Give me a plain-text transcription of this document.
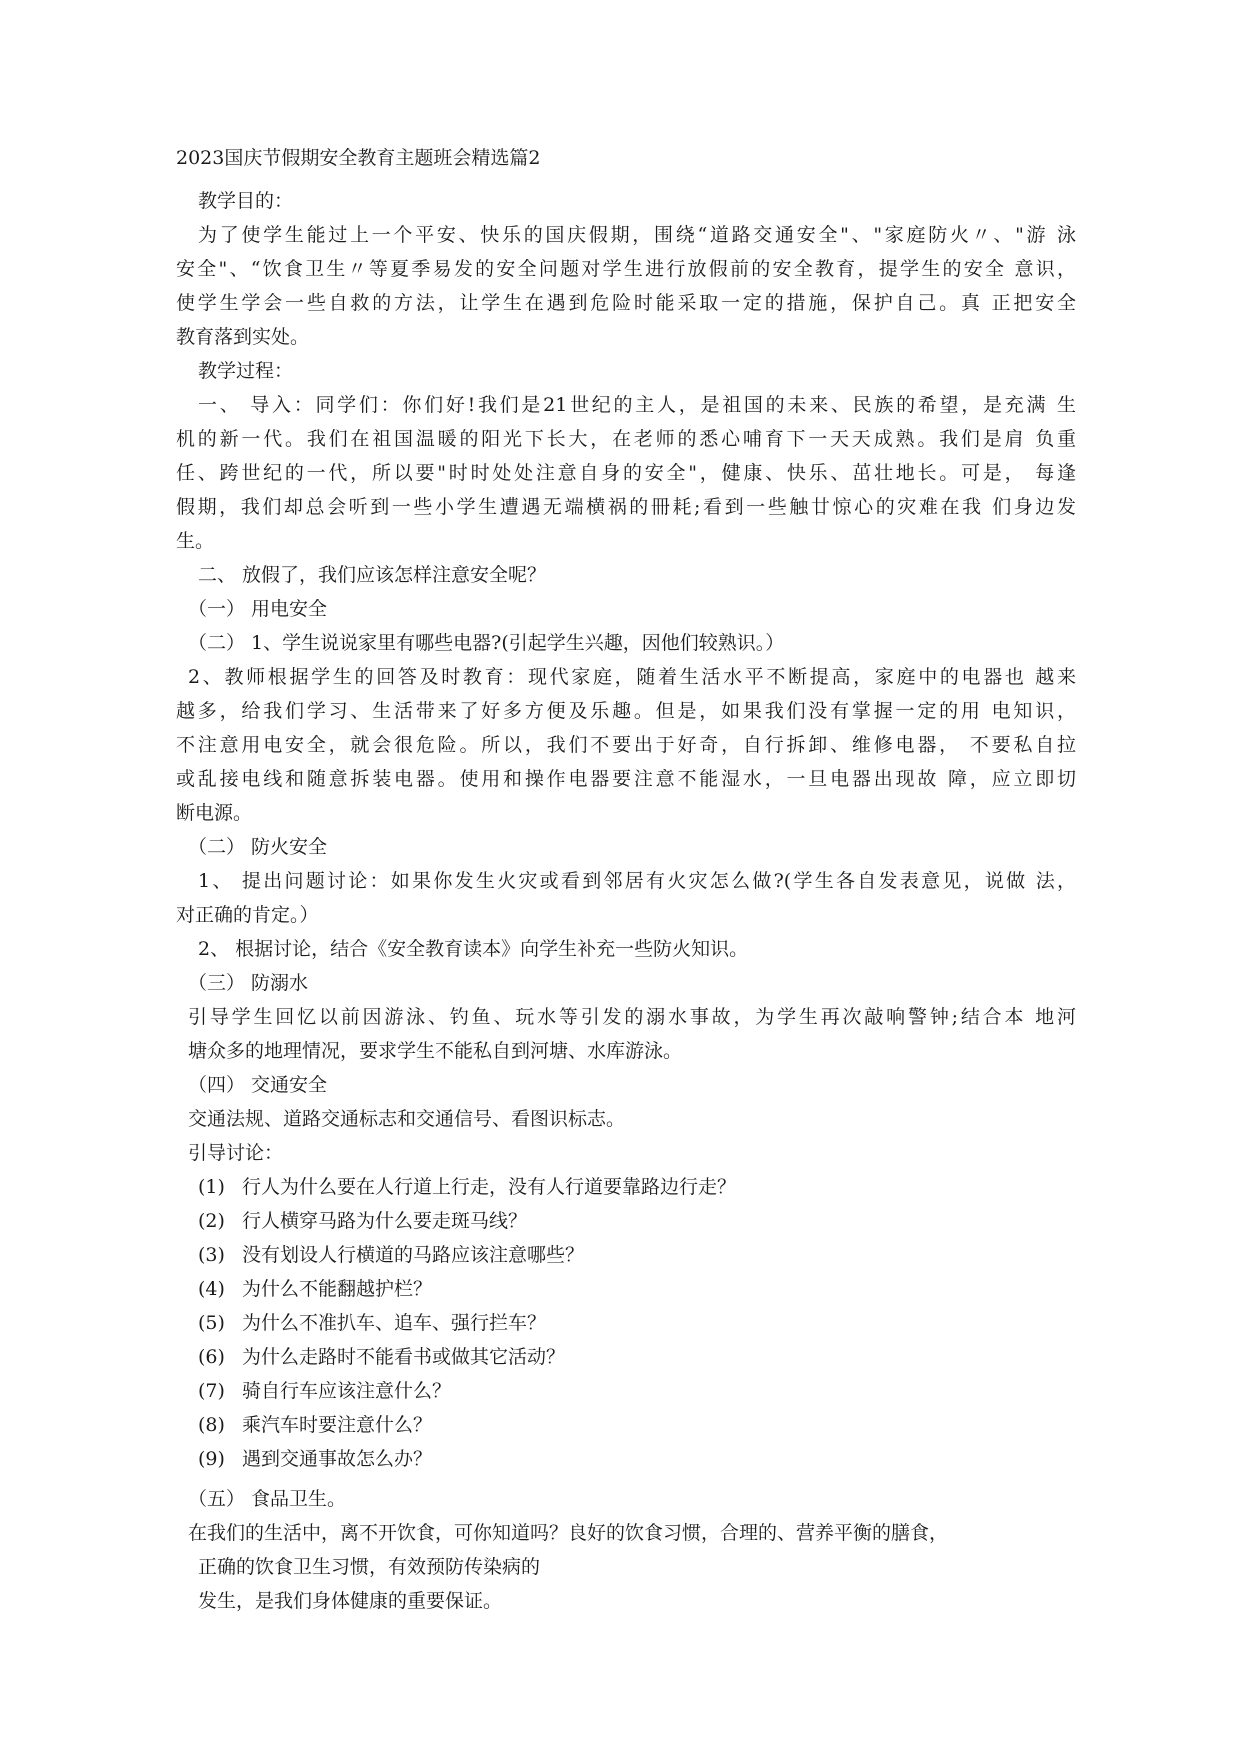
2023国庆节假期安全教育主题班会精选篇2
教学目的：
为了使学生能过上一个平安、快乐的国庆假期，围绕“道路交通安全"、"家庭防火〃、"游 泳
安全"、“饮食卫生〃等夏季易发的安全问题对学生进行放假前的安全教育，提学生的安全 意识，
使学生学会一些自救的方法，让学生在遇到危险时能采取一定的措施，保护自己。真 正把安全
教育落到实处。
教学过程：
一、 导入：同学们：你们好!我们是21世纪的主人，是祖国的未来、民族的希望，是充满 生
机的新一代。我们在祖国温暖的阳光下长大，在老师的悉心哺育下一天天成熟。我们是肩 负重
任、跨世纪的一代，所以要"时时处处注意自身的安全"，健康、快乐、茁壮地长。可是， 每逢
假期，我们却总会听到一些小学生遭遇无端横祸的冊耗;看到一些触廿惊心的灾难在我 们身边发
生。
二、 放假了，我们应该怎样注意安全呢？
（一） 用电安全
（二） 1、学生说说家里有哪些电器?(引起学生兴趣，因他们较熟识。）
2、教师根据学生的回答及时教育：现代家庭，随着生活水平不断提高，家庭中的电器也 越来
越多，给我们学习、生活带来了好多方便及乐趣。但是，如果我们没有掌握一定的用 电知识，
不注意用电安全，就会很危险。所以，我们不要出于好奇，自行拆卸、维修电器， 不要私自拉
或乱接电线和随意拆装电器。使用和操作电器要注意不能湿水，一旦电器出现故 障，应立即切
断电源。
（二） 防火安全
1、 提出问题讨论：如果你发生火灾或看到邻居有火灾怎么做?(学生各自发表意见，说做 法，
对正确的肯定。）
2、 根据讨论，结合《安全教育读本》向学生补充一些防火知识。
（三） 防溺水
引导学生回忆以前因游泳、钓鱼、玩水等引发的溺水事故，为学生再次敲响警钟;结合本 地河
塘众多的地理情况，要求学生不能私自到河塘、水库游泳。
（四） 交通安全
交通法规、道路交通标志和交通信号、看图识标志。
引导讨论：
(1) 行人为什么要在人行道上行走，没有人行道要靠路边行走？
(2) 行人横穿马路为什么要走斑马线？
(3) 没有划设人行横道的马路应该注意哪些？
(4) 为什么不能翻越护栏？
(5) 为什么不准扒车、追车、强行拦车？
(6) 为什么走路时不能看书或做其它活动？
(7) 骑自行车应该注意什么？
(8) 乘汽车时要注意什么？
(9) 遇到交通事故怎么办？
（五） 食品卫生。
在我们的生活中，离不开饮食，可你知道吗？良好的饮食习惯，合理的、营养平衡的膳食，
正确的饮食卫生习惯，有效预防传染病的
发生，是我们身体健康的重要保证。
